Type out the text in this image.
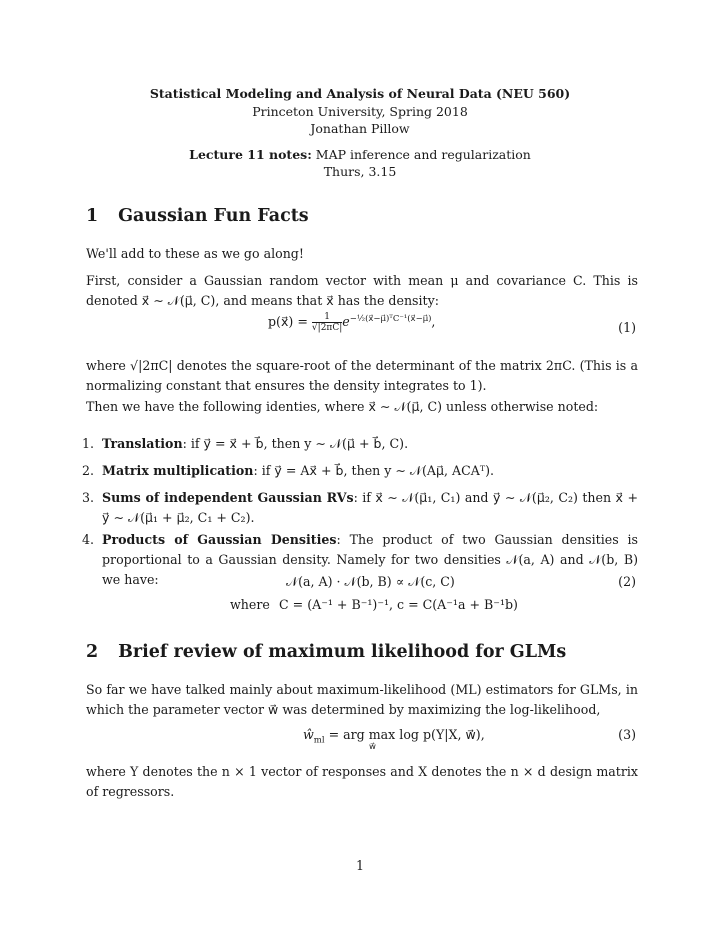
Statistical Modeling and Analysis of Neural Data (NEU 560)
Princeton University, Spring 2018
Jonathan Pillow
Lecture 11 notes: MAP inference and regularization
Thurs, 3.15
1 Gaussian Fun Facts
We'll add to these as we go along!
First, consider a Gaussian random vector with mean μ and covariance C. This is denoted x⃗ ∼ 𝒩(μ⃗, C), and means that x⃗ has the density:
p(x⃗) = $\frac{1}{√|2\pi C|} e^{-\frac{1}{2}(x⃗-\mu⃗)ᵀC^{-1}(x⃗-\mu⃗)}$,	(1)
where √|2πC| denotes the square-root of the determinant of the matrix 2πC. (This is a normalizing constant that ensures the density integrates to 1).
Then we have the following identies, where x⃗ ∼ 𝒩(μ⃗, C) unless otherwise noted:
1. Translation: if y⃗ = x⃗ + b⃗, then y ∼ 𝒩(μ⃗ + b⃗, C).
2. Matrix multiplication: if y⃗ = Ax⃗ + b⃗, then y ∼ 𝒩(Aμ⃗, ACAᵀ).
3. Sums of independent Gaussian RVs: if x⃗ ∼ 𝒩(μ⃗₁, C₁) and y⃗ ∼ 𝒩(μ⃗₂, C₂) then x⃗ + y⃗ ∼ 𝒩(μ⃗₁ + μ⃗₂, C₁ + C₂).
4. Products of Gaussian Densities: The product of two Gaussian densities is proportional to a Gaussian density. Namely for two densities 𝒩(a, A) and 𝒩(b, B) we have:	𝒩(a, A) · 𝒩(b, B) ∝ 𝒩(c, C)	(2)
where C = (A⁻¹ + B⁻¹)⁻¹, c = C(A⁻¹a + B⁻¹b)
2 Brief review of maximum likelihood for GLMs
So far we have talked mainly about maximum-likelihood (ML) estimators for GLMs, in which the parameter vector w⃗ was determined by maximizing the log-likelihood,
$ŵ_{ml}$ = arg max log p(Y|X, w⃗),
w⃗
(3)
where Y denotes the n × 1 vector of responses and X denotes the n × d design matrix of regressors.
1
